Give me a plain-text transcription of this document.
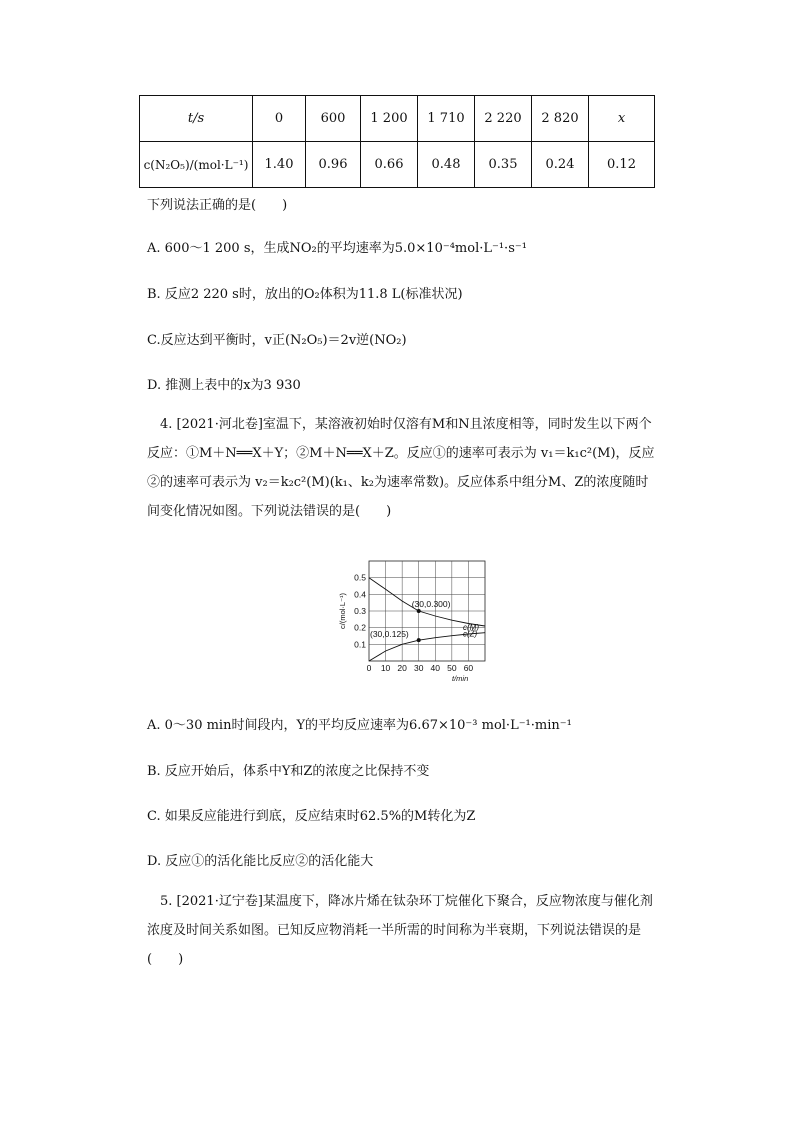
t/s	0	600	1 200	1 710	2 220	2 820	x
c(N₂O₅)/(mol·L⁻¹)	1.40	0.96	0.66	0.48	0.35	0.24	0.12
下列说法正确的是(　　)
A. 600～1 200 s，生成NO₂的平均速率为5.0×10⁻⁴mol·L⁻¹·s⁻¹
B. 反应2 220 s时，放出的O₂体积为11.8 L(标准状况)
C.反应达到平衡时，v正(N₂O₅)＝2v逆(NO₂)
D. 推测上表中的x为3 930
4. [2021·河北卷]室温下，某溶液初始时仅溶有M和N且浓度相等，同时发生以下两个反应：①M＋N══X＋Y；②M＋N══X＋Z。反应①的速率可表示为 v₁＝k₁c²(M)，反应②的速率可表示为 v₂＝k₂c²(M)(k₁、k₂为速率常数)。反应体系中组分M、Z的浓度随时间变化情况如图。下列说法错误的是(　　)
0 10 20 30 40 50 60
0.1
0.2
0.3
0.4
0.5
t/min
c/(mol·L⁻¹)	c(M)
c(Z)
(30,0.300)
(30,0.125)
A. 0～30 min时间段内，Y的平均反应速率为6.67×10⁻³ mol·L⁻¹·min⁻¹
B. 反应开始后，体系中Y和Z的浓度之比保持不变
C. 如果反应能进行到底，反应结束时62.5%的M转化为Z
D. 反应①的活化能比反应②的活化能大
5. [2021·辽宁卷]某温度下，降冰片烯在钛杂环丁烷催化下聚合，反应物浓度与催化剂浓度及时间关系如图。已知反应物消耗一半所需的时间称为半衰期，下列说法错误的是(　　)
